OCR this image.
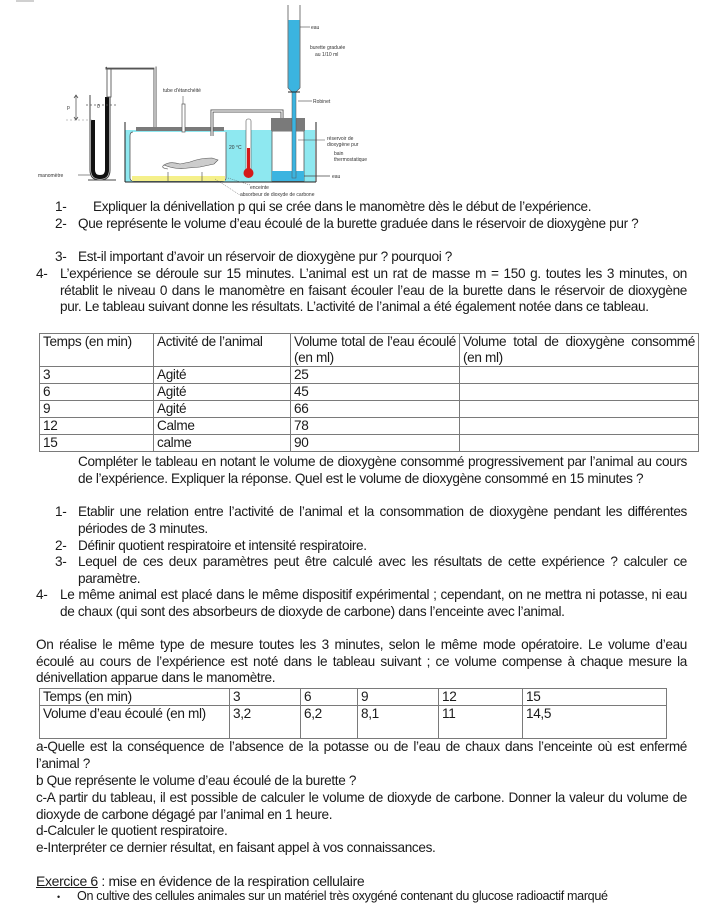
p	0
tube d'étanchéité
20 °C
eau
burette graduée
au 1/10 ml
Robinet
réservoir de
dioxygène pur
bain
thermostatique
eau
enceinte
absorbeur de dioxyde de carbone
manomètre
1- Expliquer la dénivellation p qui se crée dans le manomètre dès le début de l’expérience.
2- Que représente le volume d’eau écoulé de la burette graduée dans le réservoir de dioxygène pur ?
3- Est-il important d’avoir un réservoir de dioxygène pur ? pourquoi ?
4- L’expérience se déroule sur 15 minutes. L’animal est un rat de masse m = 150 g. toutes les 3 minutes, on rétablit le niveau 0 dans le manomètre en faisant écouler l’eau de la burette dans le réservoir de dioxygène pur. Le tableau suivant donne les résultats. L’activité de l’animal a été également notée dans ce tableau.
Temps (en min)	Activité de l’animal	Volume total de l’eau écoulé (en ml)	Volume total de dioxygène consommé (en ml)
3	Agité	25	
6	Agité	45	
9	Agité	66	
12	Calme	78	
15	calme	90	
Compléter le tableau en notant le volume de dioxygène consommé progressivement par l’animal au cours de l’expérience. Expliquer la réponse. Quel est le volume de dioxygène consommé en 15 minutes ?
1- Etablir une relation entre l’activité de l’animal et la consommation de dioxygène pendant les différentes périodes de 3 minutes.
2- Définir quotient respiratoire et intensité respiratoire.
3- Lequel de ces deux paramètres peut être calculé avec les résultats de cette expérience ? calculer ce paramètre.
4- Le même animal est placé dans le même dispositif expérimental ; cependant, on ne mettra ni potasse, ni eau de chaux (qui sont des absorbeurs de dioxyde de carbone) dans l’enceinte avec l’animal.
On réalise le même type de mesure toutes les 3 minutes, selon le même mode opératoire. Le volume d’eau écoulé au cours de l’expérience est noté dans le tableau suivant ; ce volume compense à chaque mesure la dénivellation apparue dans le manomètre.
Temps (en min)	3	6	9	12	15
Volume d’eau écoulé (en ml)	3,2	6,2	8,1	11	14,5
a-Quelle est la conséquence de l’absence de la potasse ou de l’eau de chaux dans l’enceinte où est enfermé l’animal ?
b Que représente le volume d’eau écoulé de la burette ?
c-A partir du tableau, il est possible de calculer le volume de dioxyde de carbone. Donner la valeur du volume de dioxyde de carbone dégagé par l’animal en 1 heure.
d-Calculer le quotient respiratoire.
e-Interpréter ce dernier résultat, en faisant appel à vos connaissances.
Exercice 6 : mise en évidence de la respiration cellulaire
• On cultive des cellules animales sur un matériel très oxygéné contenant du glucose radioactif marqué
